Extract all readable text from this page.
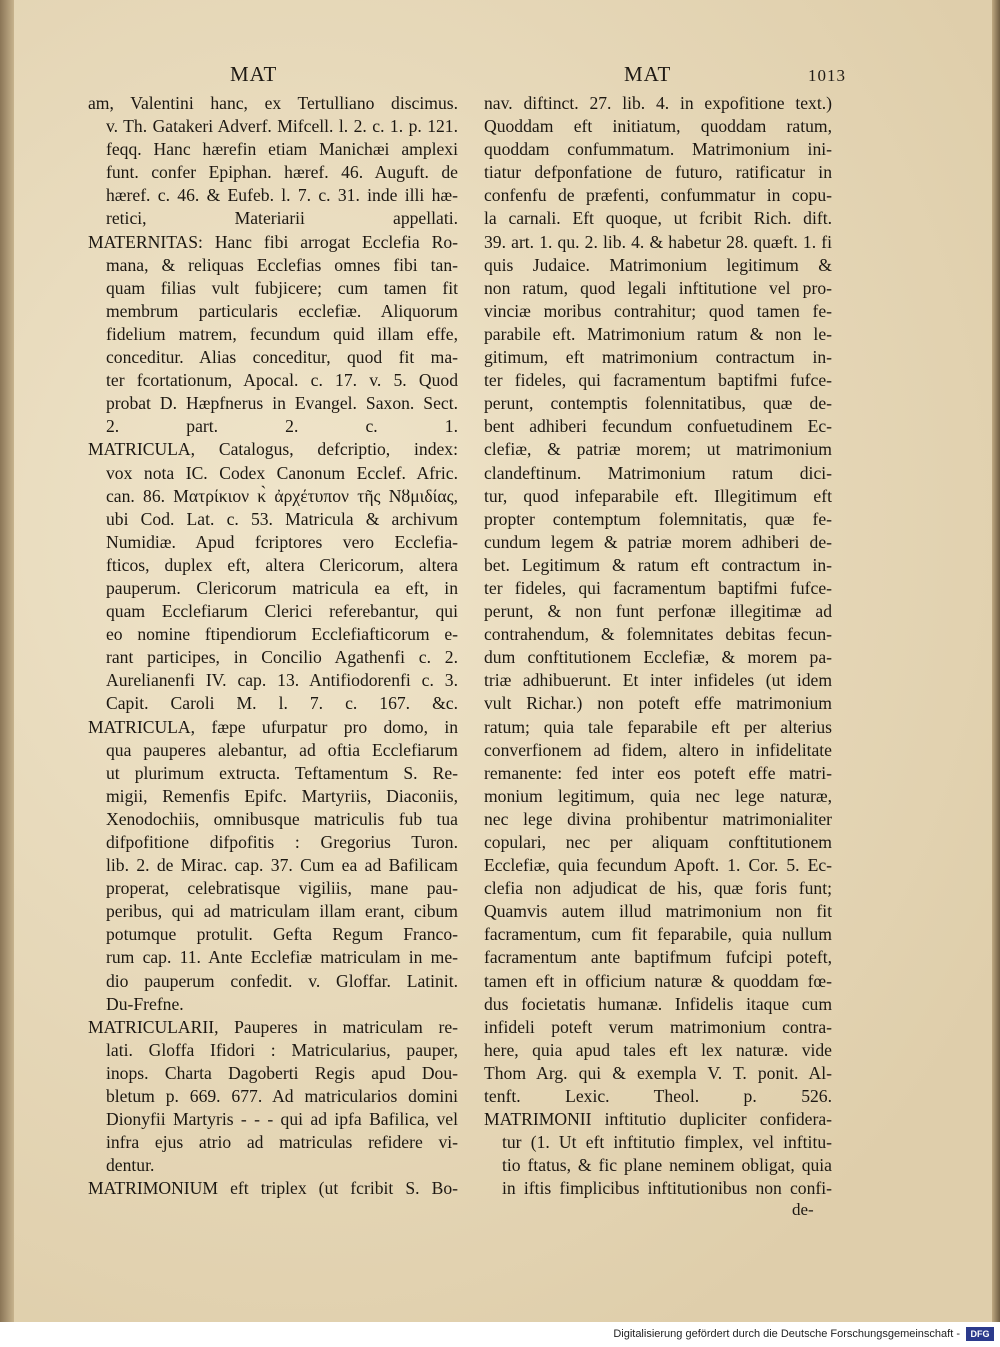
MAT	MAT	1013

am, Valentini hanc, ex Tertulliano discimus.

v. Th. Gatakeri Adverf. Mifcell. l. 2. c. 1. p. 121.

feqq. Hanc hærefin etiam Manichæi amplexi

funt. confer Epiphan. hæref. 46. Auguft. de

hæref. c. 46. & Eufeb. l. 7. c. 31. inde illi hæ-

retici, Materiarii appellati.

MATERNITAS: Hanc fibi arrogat Ecclefia Ro-

mana, & reliquas Ecclefias omnes fibi tan-

quam filias vult fubjicere; cum tamen fit

membrum particularis ecclefiæ. Aliquorum

fidelium matrem, fecundum quid illam effe,

conceditur. Alias conceditur, quod fit ma-

ter fcortationum, Apocal. c. 17. v. 5. Quod

probat D. Hæpfnerus in Evangel. Saxon. Sect.

2. part. 2. c. 1.

MATRICULA, Catalogus, defcriptio, index:

vox nota IC. Codex Canonum Ecclef. Afric.

can. 86. Ματρίκιον κ̀ ἀρχέτυπον τῆς Νȣμιδίας,

ubi Cod. Lat. c. 53. Matricula & archivum

Numidiæ. Apud fcriptores vero Ecclefia-

fticos, duplex eft, altera Clericorum, altera

pauperum. Clericorum matricula ea eft, in

quam Ecclefiarum Clerici referebantur, qui

eo nomine ftipendiorum Ecclefiafticorum e-

rant participes, in Concilio Agathenfi c. 2.

Aurelianenfi IV. cap. 13. Antifiodorenfi c. 3.

Capit. Caroli M. l. 7. c. 167. &c.

MATRICULA, fæpe ufurpatur pro domo, in

qua pauperes alebantur, ad oftia Ecclefiarum

ut plurimum extructa. Teftamentum S. Re-

migii, Remenfis Epifc. Martyriis, Diaconiis,

Xenodochiis, omnibusque matriculis fub tua

difpofitione difpofitis : Gregorius Turon.

lib. 2. de Mirac. cap. 37. Cum ea ad Bafilicam

properat, celebratisque vigiliis, mane pau-

peribus, qui ad matriculam illam erant, cibum

potumque protulit. Gefta Regum Franco-

rum cap. 11. Ante Ecclefiæ matriculam in me-

dio pauperum confedit. v. Gloffar. Latinit.

Du-Frefne.

MATRICULARII, Pauperes in matriculam re-

lati. Gloffa Ifidori : Matricularius, pauper,

inops. Charta Dagoberti Regis apud Dou-

bletum p. 669. 677. Ad matricularios domini

Dionyfii Martyris - - - qui ad ipfa Bafilica, vel

infra ejus atrio ad matriculas refidere vi-

dentur.

MATRIMONIUM eft triplex (ut fcribit S. Bo-

nav. diftinct. 27. lib. 4. in expofitione text.)

Quoddam eft initiatum, quoddam ratum,

quoddam confummatum. Matrimonium ini-

tiatur defponfatione de futuro, ratificatur in

confenfu de præfenti, confummatur in copu-

la carnali. Eft quoque, ut fcribit Rich. dift.

39. art. 1. qu. 2. lib. 4. & habetur 28. quæft. 1. fi

quis Judaice. Matrimonium legitimum &

non ratum, quod legali inftitutione vel pro-

vinciæ moribus contrahitur; quod tamen fe-

parabile eft. Matrimonium ratum & non le-

gitimum, eft matrimonium contractum in-

ter fideles, qui facramentum baptifmi fufce-

perunt, contemptis folennitatibus, quæ de-

bent adhiberi fecundum confuetudinem Ec-

clefiæ, & patriæ morem; ut matrimonium

clandeftinum. Matrimonium ratum dici-

tur, quod infeparabile eft. Illegitimum eft

propter contemptum folemnitatis, quæ fe-

cundum legem & patriæ morem adhiberi de-

bet. Legitimum & ratum eft contractum in-

ter fideles, qui facramentum baptifmi fufce-

perunt, & non funt perfonæ illegitimæ ad

contrahendum, & folemnitates debitas fecun-

dum conftitutionem Ecclefiæ, & morem pa-

triæ adhibuerunt. Et inter infideles (ut idem

vult Richar.) non poteft effe matrimonium

ratum; quia tale feparabile eft per alterius

converfionem ad fidem, altero in infidelitate

remanente: fed inter eos poteft effe matri-

monium legitimum, quia nec lege naturæ,

nec lege divina prohibentur matrimonialiter

copulari, nec per aliquam conftitutionem

Ecclefiæ, quia fecundum Apoft. 1. Cor. 5. Ec-

clefia non adjudicat de his, quæ foris funt;

Quamvis autem illud matrimonium non fit

facramentum, cum fit feparabile, quia nullum

facramentum ante baptifmum fufcipi poteft,

tamen eft in officium naturæ & quoddam fœ-

dus focietatis humanæ. Infidelis itaque cum

infideli poteft verum matrimonium contra-

here, quia apud tales eft lex naturæ. vide

Thom Arg. qui & exempla V. T. ponit. Al-

tenft. Lexic. Theol. p. 526.

MATRIMONII inftitutio dupliciter confidera-

tur (1. Ut eft inftitutio fimplex, vel inftitu-

tio ftatus, & fic plane neminem obligat, quia

in iftis fimplicibus inftitutionibus non confi-

de-
Digitalisierung gefördert durch die Deutsche Forschungsgemeinschaft -	DFG
